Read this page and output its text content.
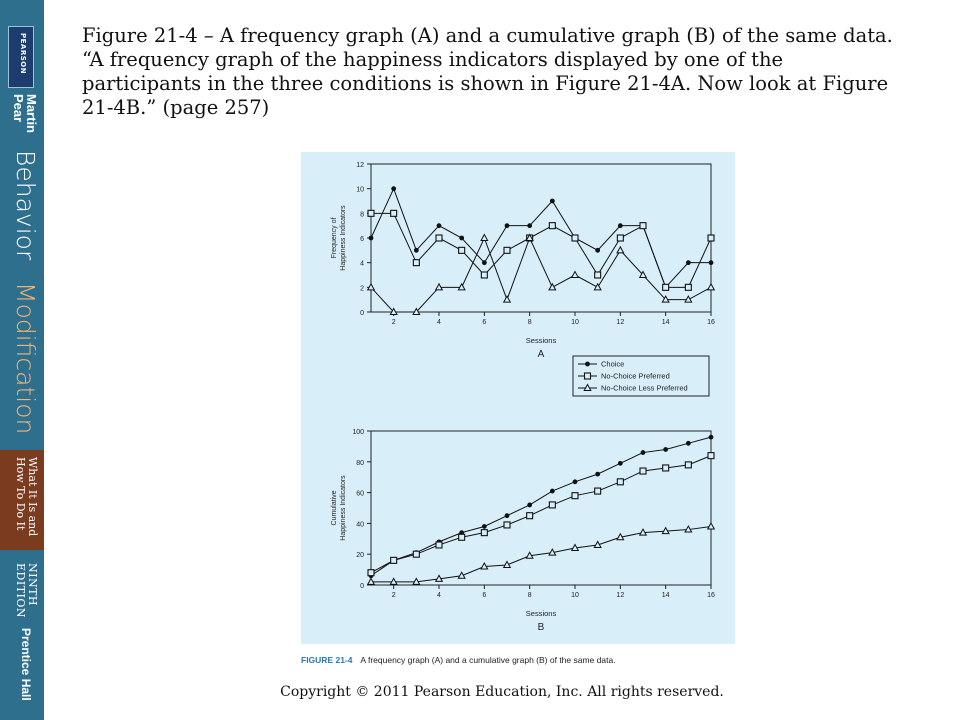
PEARSON
Martin
Pear
Behavior
Modification
What It Is and
How To Do It
NINTH
EDITION
Prentice Hall

Figure 21-4 – A frequency graph (A) and a cumulative graph (B) of the same data. “A frequency graph of the happiness indicators displayed by one of the participants in the three conditions is shown in Figure 21-4A. Now look at Figure 21-4B.” (page 257)

0
2
4
6
8
10
12
2	4	6	8	10	12	14	16
Sessions
A
Frequency of Happiness Indicators
Choice
No-Choice Preferred
No-Choice Less Preferred
0
20
40
60
80
100
2	4	6	8	10	12	14	16
Sessions
B
Cumulative Happiness Indicators
FIGURE 21-4 A frequency graph (A) and a cumulative graph (B) of the same data.
Copyright © 2011 Pearson Education, Inc. All rights reserved.
